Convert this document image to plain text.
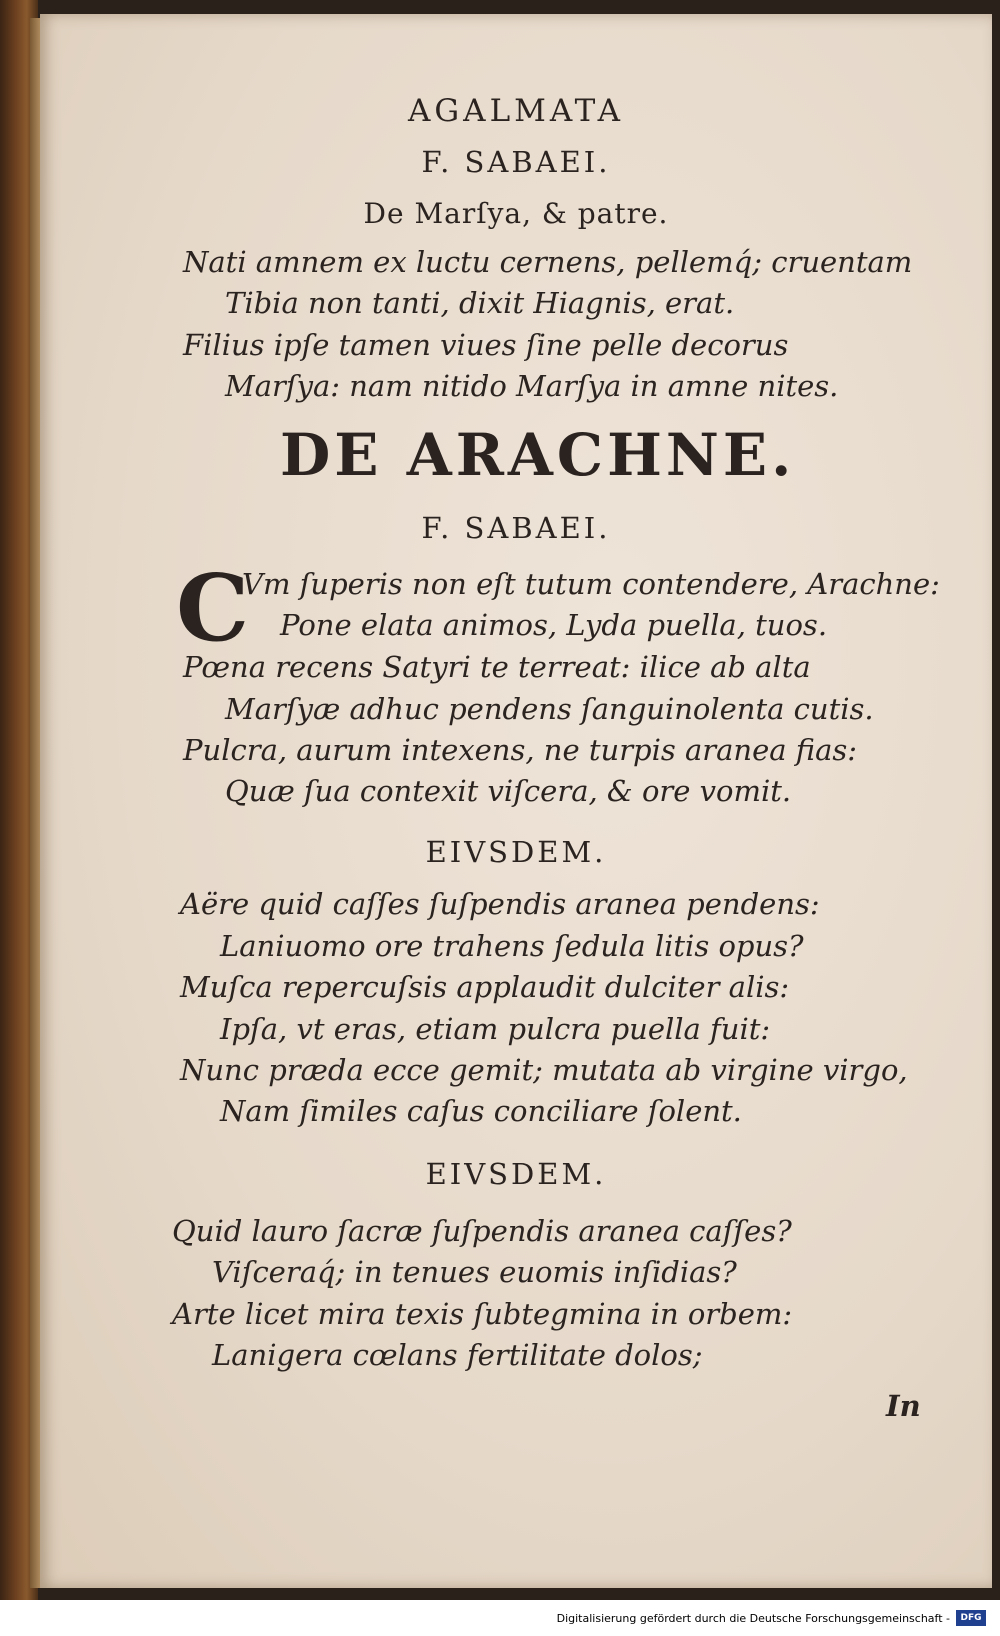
AGALMATA
F. SABAEI.
De Marſya, & patre.
Nati amnem ex luctu cernens, pellemq́; cruentam
Tibia non tanti, dixit Hiagnis, erat.
Filius ipſe tamen viues ſine pelle decorus
Marſya: nam nitido Marſya in amne nites.
DE ARACHNE.
F. SABAEI.
C
Vm ſuperis non eſt tutum contendere, Arachne:
Pone elata animos, Lyda puella, tuos.
Pœna recens Satyri te terreat: ilice ab alta
Marſyæ adhuc pendens ſanguinolenta cutis.
Pulcra, aurum intexens, ne turpis aranea fias:
Quæ ſua contexit viſcera, & ore vomit.
EIVSDEM.
Aëre quid caſſes ſuſpendis aranea pendens:
Laniuomo ore trahens ſedula litis opus?
Muſca repercuſsis applaudit dulciter alis:
Ipſa, vt eras, etiam pulcra puella fuit:
Nunc præda ecce gemit; mutata ab virgine virgo,
Nam ſimiles caſus conciliare ſolent.
EIVSDEM.
Quid lauro ſacræ ſuſpendis aranea caſſes?
Viſceraq́; in tenues euomis inſidias?
Arte licet mira texis ſubtegmina in orbem:
Lanigera cœlans fertilitate dolos;
In
Digitalisierung gefördert durch die Deutsche Forschungsgemeinschaft -	DFG
